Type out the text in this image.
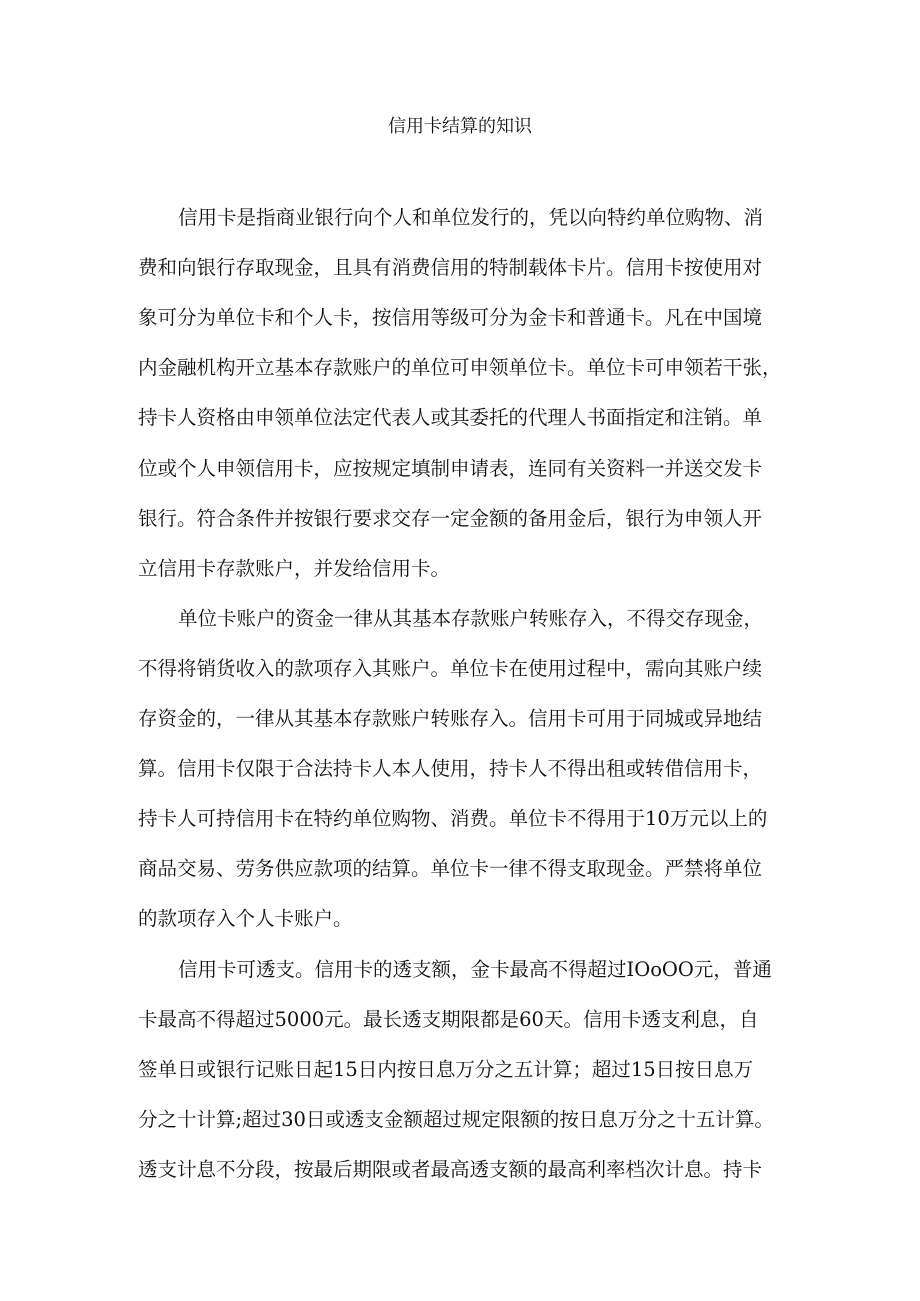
信用卡结算的知识
信用卡是指商业银行向个人和单位发行的，凭以向特约单位购物、消
费和向银行存取现金，且具有消费信用的特制载体卡片。信用卡按使用对
象可分为单位卡和个人卡，按信用等级可分为金卡和普通卡。凡在中国境
内金融机构开立基本存款账户的单位可申领单位卡。单位卡可申领若干张，
持卡人资格由申领单位法定代表人或其委托的代理人书面指定和注销。单
位或个人申领信用卡，应按规定填制申请表，连同有关资料一并送交发卡
银行。符合条件并按银行要求交存一定金额的备用金后，银行为申领人开
立信用卡存款账户，并发给信用卡。
单位卡账户的资金一律从其基本存款账户转账存入，不得交存现金，
不得将销货收入的款项存入其账户。单位卡在使用过程中，需向其账户续
存资金的，一律从其基本存款账户转账存入。信用卡可用于同城或异地结
算。信用卡仅限于合法持卡人本人使用，持卡人不得出租或转借信用卡，
持卡人可持信用卡在特约单位购物、消费。单位卡不得用于10万元以上的
商品交易、劳务供应款项的结算。单位卡一律不得支取现金。严禁将单位
的款项存入个人卡账户。
信用卡可透支。信用卡的透支额，金卡最高不得超过IOoOO元，普通
卡最高不得超过5000元。最长透支期限都是60天。信用卡透支利息，自
签单日或银行记账日起15日内按日息万分之五计算；超过15日按日息万
分之十计算;超过30日或透支金额超过规定限额的按日息万分之十五计算。
透支计息不分段，按最后期限或者最高透支额的最高利率档次计息。持卡
